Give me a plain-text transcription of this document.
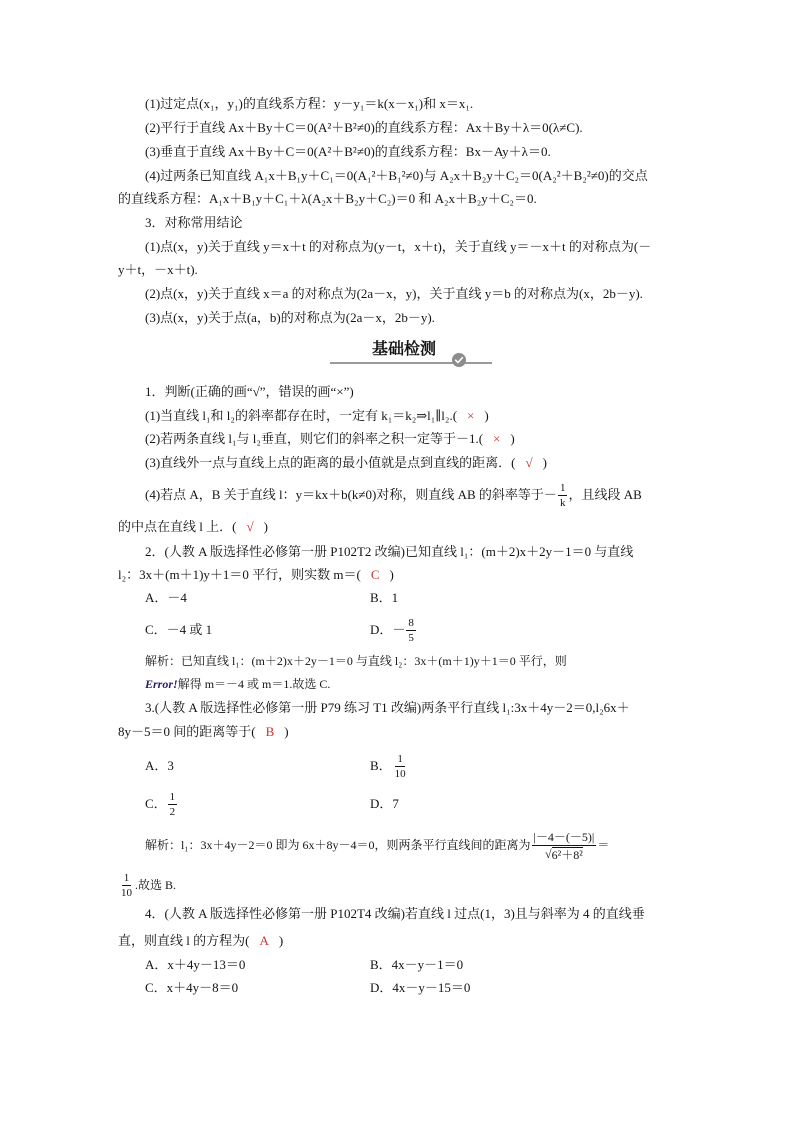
(1)过定点(x₁，y₁)的直线系方程：y－y₁＝k(x－x₁)和 x＝x₁.
(2)平行于直线 Ax＋By＋C＝0(A²＋B²≠0)的直线系方程：Ax＋By＋λ＝0(λ≠C).
(3)垂直于直线 Ax＋By＋C＝0(A²＋B²≠0)的直线系方程：Bx－Ay＋λ＝0.
(4)过两条已知直线 A₁x＋B₁y＋C₁＝0(A₁²＋B₁²≠0)与 A₂x＋B₂y＋C₂＝0(A₂²＋B₂²≠0)的交点
的直线系方程：A₁x＋B₁y＋C₁＋λ(A₂x＋B₂y＋C₂)＝0 和 A₂x＋B₂y＋C₂＝0.
3．对称常用结论
(1)点(x，y)关于直线 y＝x＋t 的对称点为(y－t，x＋t)，关于直线 y＝－x＋t 的对称点为(－
y＋t，－x＋t).
(2)点(x，y)关于直线 x＝a 的对称点为(2a－x，y)，关于直线 y＝b 的对称点为(x，2b－y).
(3)点(x，y)关于点(a，b)的对称点为(2a－x，2b－y).
基础检测
1．判断(正确的画“√”，错误的画“×”)
(1)当直线 l₁和 l₂的斜率都存在时，一定有 k₁＝k₂⇒l₁∥l₂.( × )
(2)若两条直线 l₁与 l₂垂直，则它们的斜率之积一定等于－1.( × )
(3)直线外一点与直线上点的距离的最小值就是点到直线的距离．( √ )
(4)若点 A，B 关于直线 l：y＝kx＋b(k≠0)对称，则直线 AB 的斜率等于－ $\frac{1}{k}$ ，且线段 AB
的中点在直线 l 上．( √ )
2．(人教 A 版选择性必修第一册 P102T2 改编)已知直线 l₁：(m＋2)x＋2y－1＝0 与直线
l₂：3x＋(m＋1)y＋1＝0 平行，则实数 m＝( C )
A．－4	B．1
C．－4 或 1	D．－ $\frac{8}{5}$
解析：已知直线 l₁：(m＋2)x＋2y－1＝0 与直线 l₂：3x＋(m＋1)y＋1＝0 平行，则
Error! 解得 m＝－4 或 m＝1.故选 C.
3.(人教 A 版选择性必修第一册 P79 练习 T1 改编)两条平行直线 l₁:3x＋4y－2＝0,l₂6x＋
8y－5＝0 间的距离等于( B )
A．3	B． $\frac{1}{10}$
C． $\frac{1}{2}$	D．7
解析：l₁：3x＋4y－2＝0 即为 6x＋8y－4＝0，则两条平行直线间的距离为 $\frac{|-4-(-5)|}{\text{√ 6²＋8²}}$ ＝
$\frac{1}{10}$ .故选 B.
4．(人教 A 版选择性必修第一册 P102T4 改编)若直线 l 过点(1，3)且与斜率为 4 的直线垂
直，则直线 l 的方程为( A )
A．x＋4y－13＝0	B．4x－y－1＝0
C．x＋4y－8＝0	D．4x－y－15＝0
